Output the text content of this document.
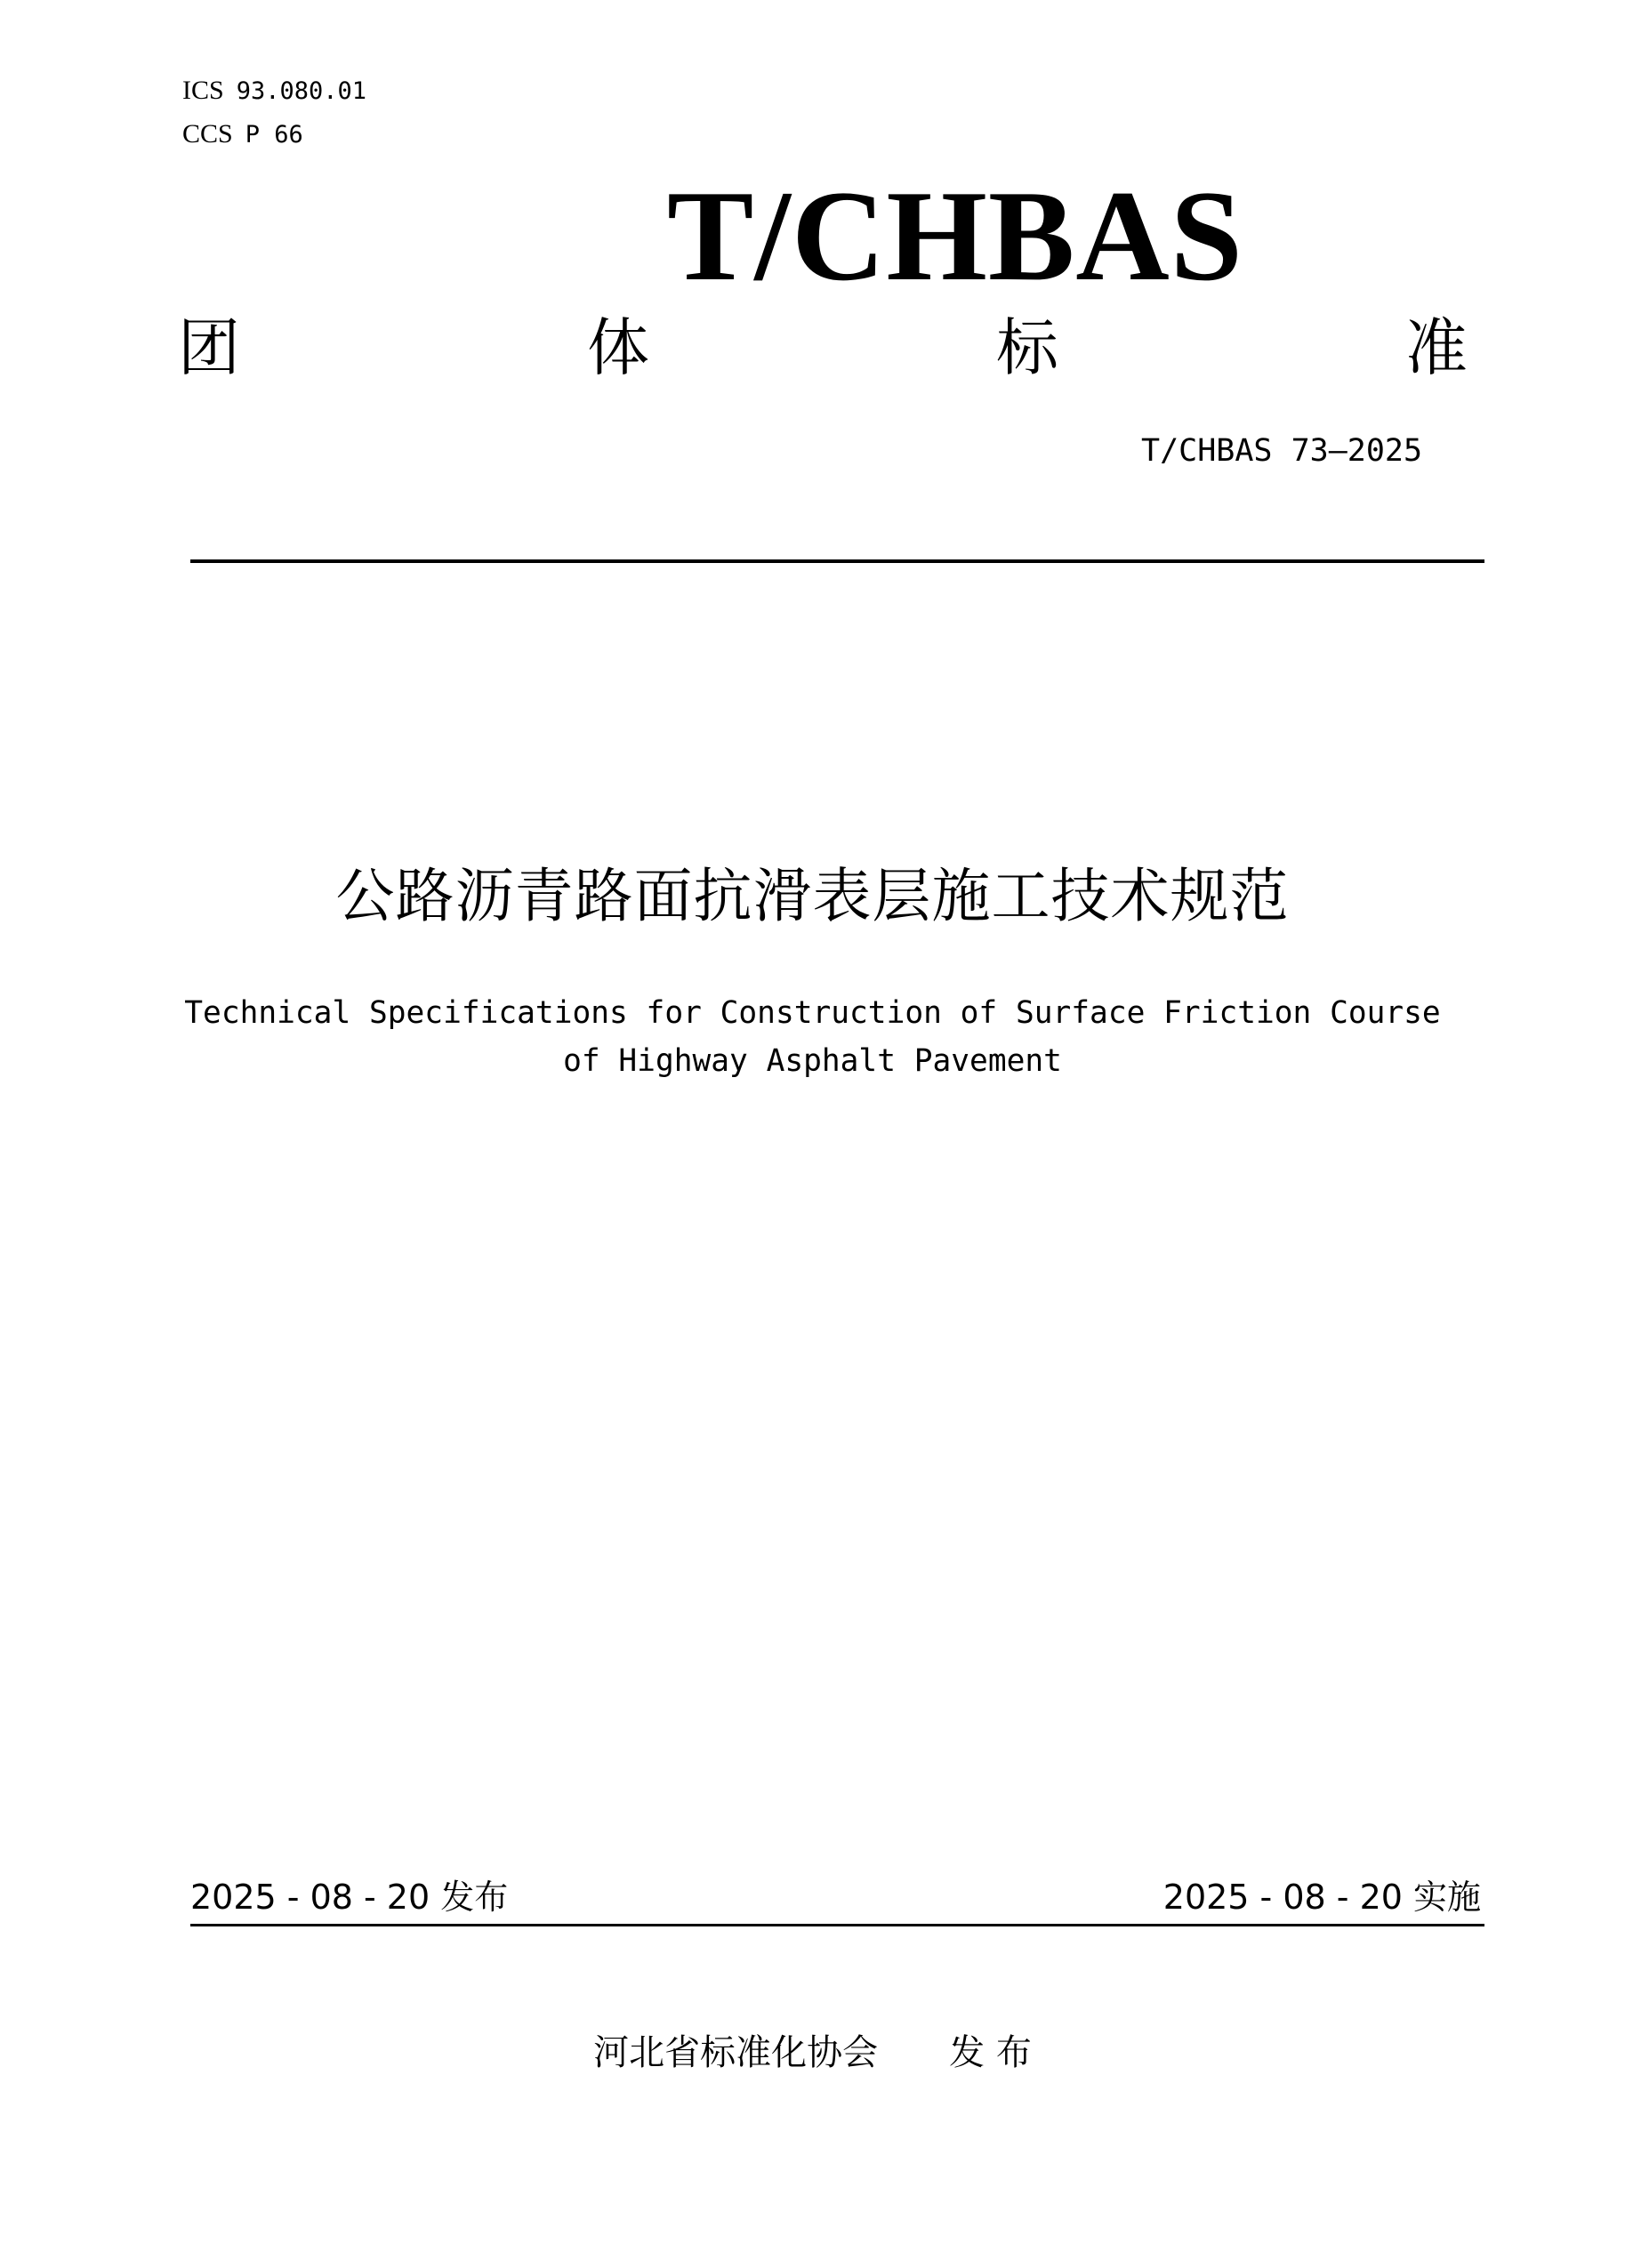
ICS 93.080.01
CCS P 66
T/CHBAS
团	体	标	准
T/CHBAS 73—2025
公路沥青路面抗滑表层施工技术规范
Technical Specifications for Construction of Surface Friction Course
of Highway Asphalt Pavement
2025 - 08 - 20 发布	2025 - 08 - 20 实施
河北省标准化协会 发 布
